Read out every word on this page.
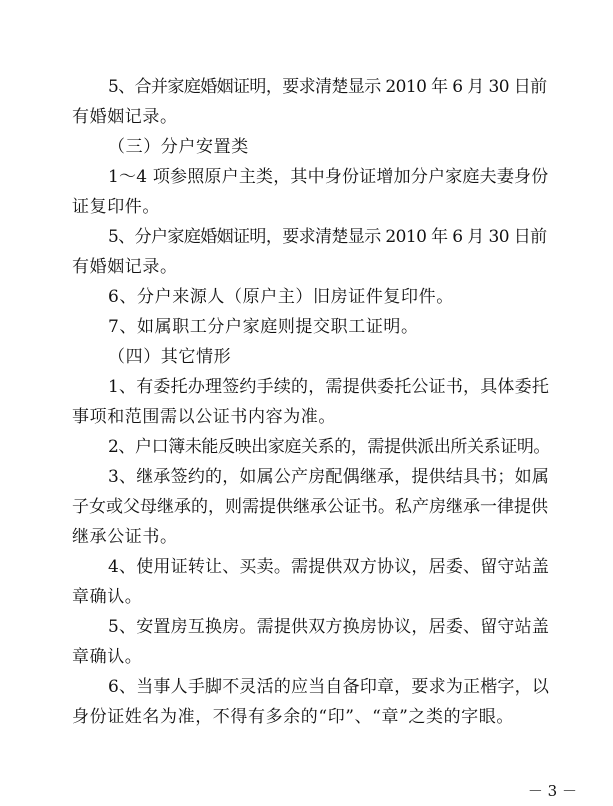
5、合并家庭婚姻证明，要求清楚显示 2010 年 6 月 30 日前
有婚姻记录。
（三）分户安置类
1～4 项参照原户主类，其中身份证增加分户家庭夫妻身份
证复印件。
5、分户家庭婚姻证明，要求清楚显示 2010 年 6 月 30 日前
有婚姻记录。
6、分户来源人（原户主）旧房证件复印件。
7、如属职工分户家庭则提交职工证明。
（四）其它情形
1、有委托办理签约手续的，需提供委托公证书，具体委托
事项和范围需以公证书内容为准。
2、户口簿未能反映出家庭关系的，需提供派出所关系证明。
3、继承签约的，如属公产房配偶继承，提供结具书；如属
子女或父母继承的，则需提供继承公证书。私产房继承一律提供
继承公证书。
4、使用证转让、买卖。需提供双方协议，居委、留守站盖
章确认。
5、安置房互换房。需提供双方换房协议，居委、留守站盖
章确认。
6、当事人手脚不灵活的应当自备印章，要求为正楷字，以
身份证姓名为准，不得有多余的“印”、“章”之类的字眼。
－ 3 －
